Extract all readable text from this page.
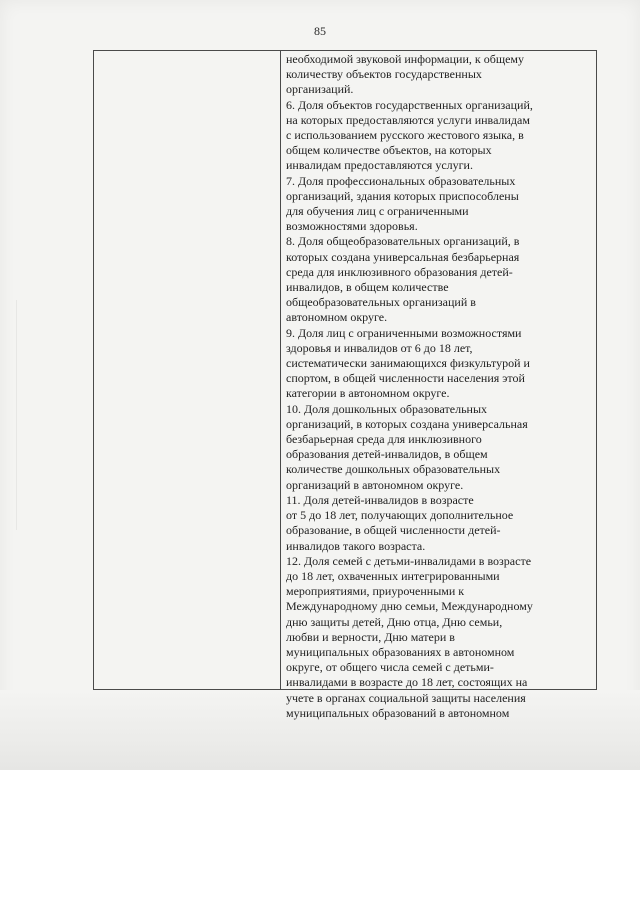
85
необходимой звуковой информации, к общему
количеству объектов государственных
организаций.
6. Доля объектов государственных организаций,
на которых предоставляются услуги инвалидам
с использованием русского жестового языка, в
общем количестве объектов, на которых
инвалидам предоставляются услуги.
7. Доля профессиональных образовательных
организаций, здания которых приспособлены
для обучения лиц с ограниченными
возможностями здоровья.
8. Доля общеобразовательных организаций, в
которых создана универсальная безбарьерная
среда для инклюзивного образования детей-
инвалидов, в общем количестве
общеобразовательных организаций в
автономном округе.
9. Доля лиц с ограниченными возможностями
здоровья и инвалидов от 6 до 18 лет,
систематически занимающихся физкультурой и
спортом, в общей численности населения этой
категории в автономном округе.
10. Доля дошкольных образовательных
организаций, в которых создана универсальная
безбарьерная среда для инклюзивного
образования детей-инвалидов, в общем
количестве дошкольных образовательных
организаций в автономном округе.
11. Доля детей-инвалидов в возрасте
от 5 до 18 лет, получающих дополнительное
образование, в общей численности детей-
инвалидов такого возраста.
12. Доля семей с детьми-инвалидами в возрасте
до 18 лет, охваченных интегрированными
мероприятиями, приуроченными к
Международному дню семьи, Международному
дню защиты детей, Дню отца, Дню семьи,
любви и верности, Дню матери в
муниципальных образованиях в автономном
округе, от общего числа семей с детьми-
инвалидами в возрасте до 18 лет, состоящих на
учете в органах социальной защиты населения
муниципальных образований в автономном
